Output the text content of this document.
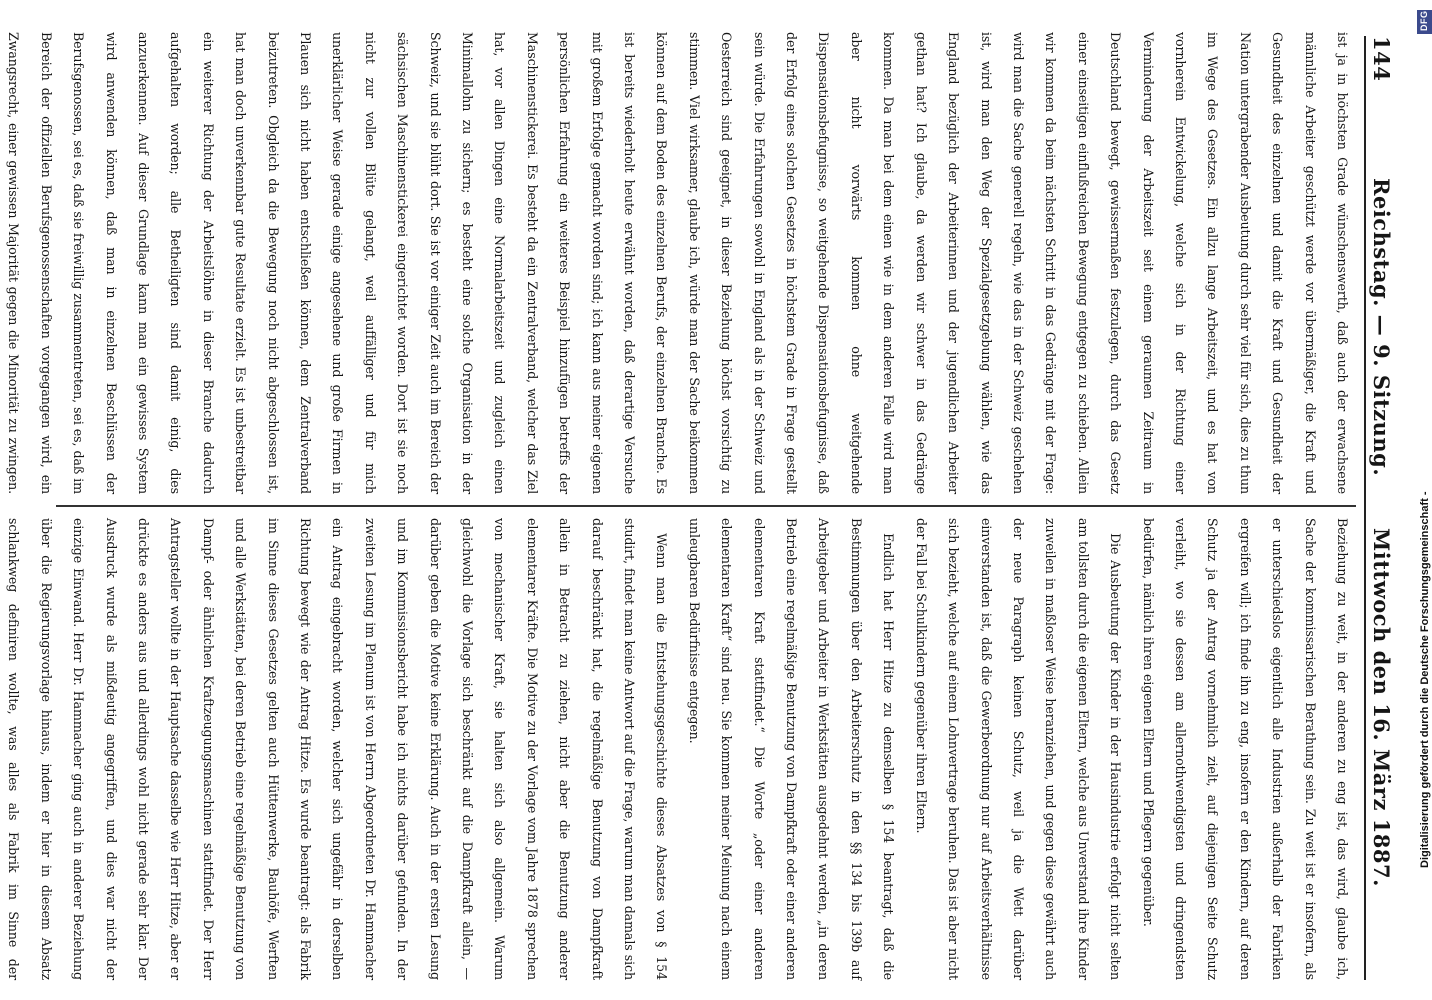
144
Reichstag. — 9. Sitzung.
Mittwoch den 16. März 1887.

ist ja in höchsten Grade wünschenswerth, daß auch der erwachsene männliche Arbeiter geschützt werde vor übermäßiger, die Kraft und Gesundheit des einzelnen und damit die Kraft und Gesundheit der Nation untergrabender Ausbeutung durch sehr viel für sich, dies zu thun im Wege des Gesetzes. Ein allzu lange Arbeitszeit, und es hat von vornherein Entwickelung, welche sich in der Richtung einer Verminderung der Arbeitszeit seit einem geraumen Zeitraum in Deutschland bewegt, gewissermaßen festzulegen, durch das Gesetz einer einseitigen einflußreichen Bewegung entgegen zu schieben. Allein wir kommen da beim nächsten Schritt in das Gedränge mit der Frage: wird man die Sache generell regeln, wie das in der Schweiz geschehen ist, wird man den Weg der Spezialgesetzgebung wählen, wie das England bezüglich der Arbeiterinnen und der jugendlichen Arbeiter gethan hat? Ich glaube, da werden wir schwer in das Gedränge kommen. Da man bei dem einen wie in dem anderen Falle wird man aber nicht vorwärts kommen ohne weitgehende Dispensationsbefugnisse, so weitgehende Dispensationsbefugnisse, daß der Erfolg eines solchen Gesetzes in höchstem Grade in Frage gestellt sein würde. Die Erfahrungen sowohl in England als in der Schweiz und Oesterreich sind geeignet, in dieser Beziehung höchst vorsichtig zu stimmen. Viel wirksamer, glaube ich, würde man der Sache beikommen können auf dem Boden des einzelnen Berufs, der einzelnen Branche. Es ist bereits wiederholt heute erwähnt worden, daß derartige Versuche mit großem Erfolge gemacht worden sind; ich kann aus meiner eigenen persönlichen Erfahrung ein weiteres Beispiel hinzufügen betreffs der Maschinenstickerei. Es besteht da ein Zentralverband, welcher das Ziel hat, vor allen Dingen eine Normalarbeitszeit und zugleich einen Minimallohn zu sichern; es besteht eine solche Organisation in der Schweiz, und sie blüht dort. Sie ist vor einiger Zeit auch im Bereich der sächsischen Maschinenstickerei eingerichtet worden. Dort ist sie noch nicht zur vollen Blüte gelangt, weil auffälliger und für mich unerklärlicher Weise gerade einige angesehene und große Firmen in Plauen sich nicht haben entschließen können, dem Zentralverband beizutreten. Obgleich da die Bewegung noch nicht abgeschlossen ist, hat man doch unverkennbar gute Resultate erzielt. Es ist unbestreitbar ein weiterer Richtung der Arbeitslöhne in dieser Branche dadurch aufgehalten worden; alle Betheiligten sind damit einig, dies anzuerkennen. Auf dieser Grundlage kann man ein gewisses System wird anwenden können, daß man in einzelnen Beschlüssen der Berufsgenossen, sei es, daß sie freiwillig zusammentreten, sei es, daß im Bereich der offiziellen Berufsgenossenschaften vorgegangen wird, ein Zwangsrecht, einer gewissen Majorität gegen die Minorität zu zwingen.

Beziehung zu weit, in der anderen zu eng ist, das wird, glaube ich, Sache der kommissarischen Berathung sein. Zu weit ist er insofern, als er unterschiedslos eigentlich alle Industrien außerhalb der Fabriken ergreifen will; ich finde ihn zu eng, insofern er den Kindern, auf deren Schutz ja der Antrag vornehmlich zielt, auf diejenigen Seite Schutz verleiht, wo sie dessen am allernothwendigsten und dringendsten bedürfen, nämlich ihren eigenen Eltern und Pflegern gegenüber.

Die Ausbeutung der Kinder in der Hausindustrie erfolgt nicht selten am tollsten durch die eigenen Eltern, welche aus Unverstand ihre Kinder zuweilen in maßloser Weise heranziehen, und gegen diese gewährt auch der neue Paragraph keinen Schutz, weil ja die Wett darüber einverstanden ist, daß die Gewerbeordnung nur auf Arbeitsverhältnisse sich bezieht, welche auf einem Lohnvertrage beruhen. Das ist aber nicht der Fall bei Schulkindern gegenüber ihren Eltern.

Endlich hat Herr Hitze zu demselben § 154 beantragt, daß die Bestimmungen über den Arbeiterschutz in den §§ 134 bis 139b auf Arbeitgeber und Arbeiter in Werkstätten ausgedehnt werden, „in deren Betrieb eine regelmäßige Benutzung von Dampfkraft oder einer anderen elementaren Kraft stattfindet.“ Die Worte „oder einer anderen elementaren Kraft“ sind neu. Sie kommen meiner Meinung nach einem unleugbaren Bedürfnisse entgegen.

Wenn man die Entstehungsgeschichte dieses Absatzes von § 154 studirt, findet man keine Antwort auf die Frage, warum man damals sich darauf beschränkt hat, die regelmäßige Benutzung von Dampfkraft allein in Betracht zu ziehen, nicht aber die Benutzung anderer elementarer Kräfte. Die Motive zu der Vorlage vom Jahre 1878 sprechen von mechanischer Kraft, sie halten sich also allgemein. Warum gleichwohl die Vorlage sich beschränkt auf die Dampfkraft allein, — darüber geben die Motive keine Erklärung. Auch in der ersten Lesung und im Kommissionsbericht habe ich nichts darüber gefunden. In der zweiten Lesung im Plenum ist von Herrn Abgeordneten Dr. Hammacher ein Antrag eingebracht worden, welcher sich ungefähr in derselben Richtung bewegt wie der Antrag Hitze. Es wurde beantragt: als Fabrik im Sinne dieses Gesetzes gelten auch Hüttenwerke, Bauhöfe, Werften und alle Werkstätten, bei deren Betrieb eine regelmäßige Benutzung von Dampf- oder ähnlichen Kraftzeugungsmaschinen stattfindet. Der Herr Antragsteller wollte in der Hauptsache dasselbe wie Herr Hitze, aber er drückte es anders aus und allerdings wohl nicht gerade sehr klar. Der Ausdruck wurde als mißdeutig angegriffen, und dies war nicht der einzige Einwand. Herr Dr. Hammacher ging auch in anderer Beziehung über die Regierungsvorlage hinaus, indem er hier in diesem Absatz schlankweg definiren wollte, was alles als Fabrik im Sinne der

DFG
Digitalisierung gefördert durch die Deutsche Forschungsgemeinschaft -
